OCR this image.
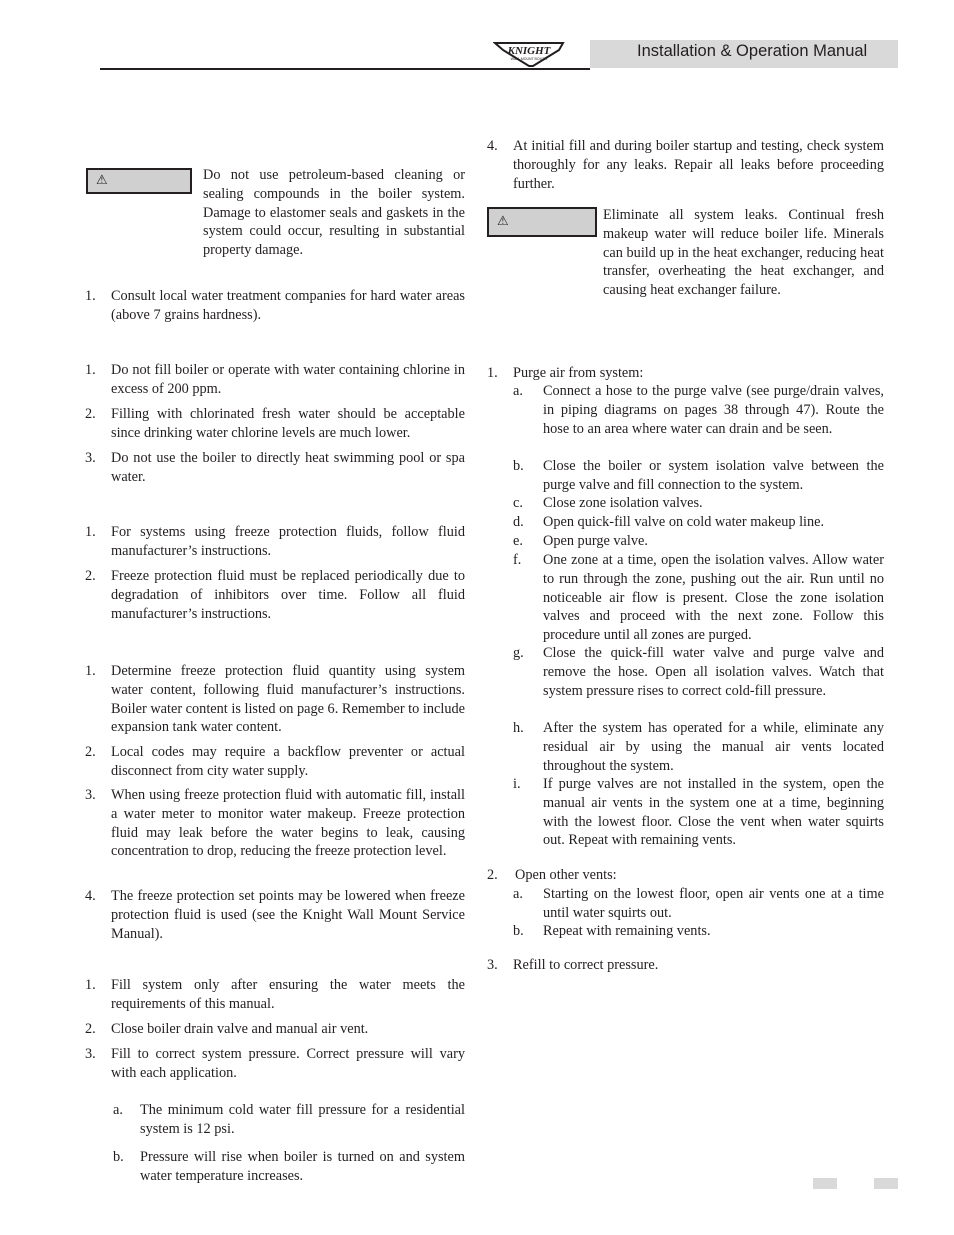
KNIGHT
WALL MOUNT BOILER	Installation & Operation Manual
⚠	Do not use petroleum-based cleaning or sealing compounds in the boiler system. Damage to elastomer seals and gaskets in the system could occur, resulting in substantial property damage.

1. Consult local water treatment companies for hard water areas (above 7 grains hardness).

1. Do not fill boiler or operate with water containing chlorine in excess of 200 ppm.

2. Filling with chlorinated fresh water should be acceptable since drinking water chlorine levels are much lower.

3. Do not use the boiler to directly heat swimming pool or spa water.

1. For systems using freeze protection fluids, follow fluid manufacturer’s instructions.

2. Freeze protection fluid must be replaced periodically due to degradation of inhibitors over time. Follow all fluid manufacturer’s instructions.

1. Determine freeze protection fluid quantity using system water content, following fluid manufacturer’s instructions. Boiler water content is listed on page 6. Remember to include expansion tank water content.

2. Local codes may require a backflow preventer or actual disconnect from city water supply.

3. When using freeze protection fluid with automatic fill, install a water meter to monitor water makeup. Freeze protection fluid may leak before the water begins to leak, causing concentration to drop, reducing the freeze protection level.

4. The freeze protection set points may be lowered when freeze protection fluid is used (see the Knight Wall Mount Service Manual).

1. Fill system only after ensuring the water meets the requirements of this manual.

2. Close boiler drain valve and manual air vent.

3. Fill to correct system pressure. Correct pressure will vary with each application.

a. The minimum cold water fill pressure for a residential system is 12 psi.

b. Pressure will rise when boiler is turned on and system water temperature increases.

4. At initial fill and during boiler startup and testing, check system thoroughly for any leaks. Repair all leaks before proceeding further.

⚠	Eliminate all system leaks. Continual fresh makeup water will reduce boiler life. Minerals can build up in the heat exchanger, reducing heat transfer, overheating the heat exchanger, and causing heat exchanger failure.

1. Purge air from system:

a. Connect a hose to the purge valve (see purge/drain valves, in piping diagrams on pages 38 through 47). Route the hose to an area where water can drain and be seen.

b. Close the boiler or system isolation valve between the purge valve and fill connection to the system.

c. Close zone isolation valves.

d. Open quick-fill valve on cold water makeup line.

e. Open purge valve.

f. One zone at a time, open the isolation valves. Allow water to run through the zone, pushing out the air. Run until no noticeable air flow is present. Close the zone isolation valves and proceed with the next zone. Follow this procedure until all zones are purged.

g. Close the quick-fill water valve and purge valve and remove the hose. Open all isolation valves. Watch that system pressure rises to correct cold-fill pressure.

h. After the system has operated for a while, eliminate any residual air by using the manual air vents located throughout the system.

i. If purge valves are not installed in the system, open the manual air vents in the system one at a time, beginning with the lowest floor. Close the vent when water squirts out. Repeat with remaining vents.

2. Open other vents:

a. Starting on the lowest floor, open air vents one at a time until water squirts out.

b. Repeat with remaining vents.

3. Refill to correct pressure.
